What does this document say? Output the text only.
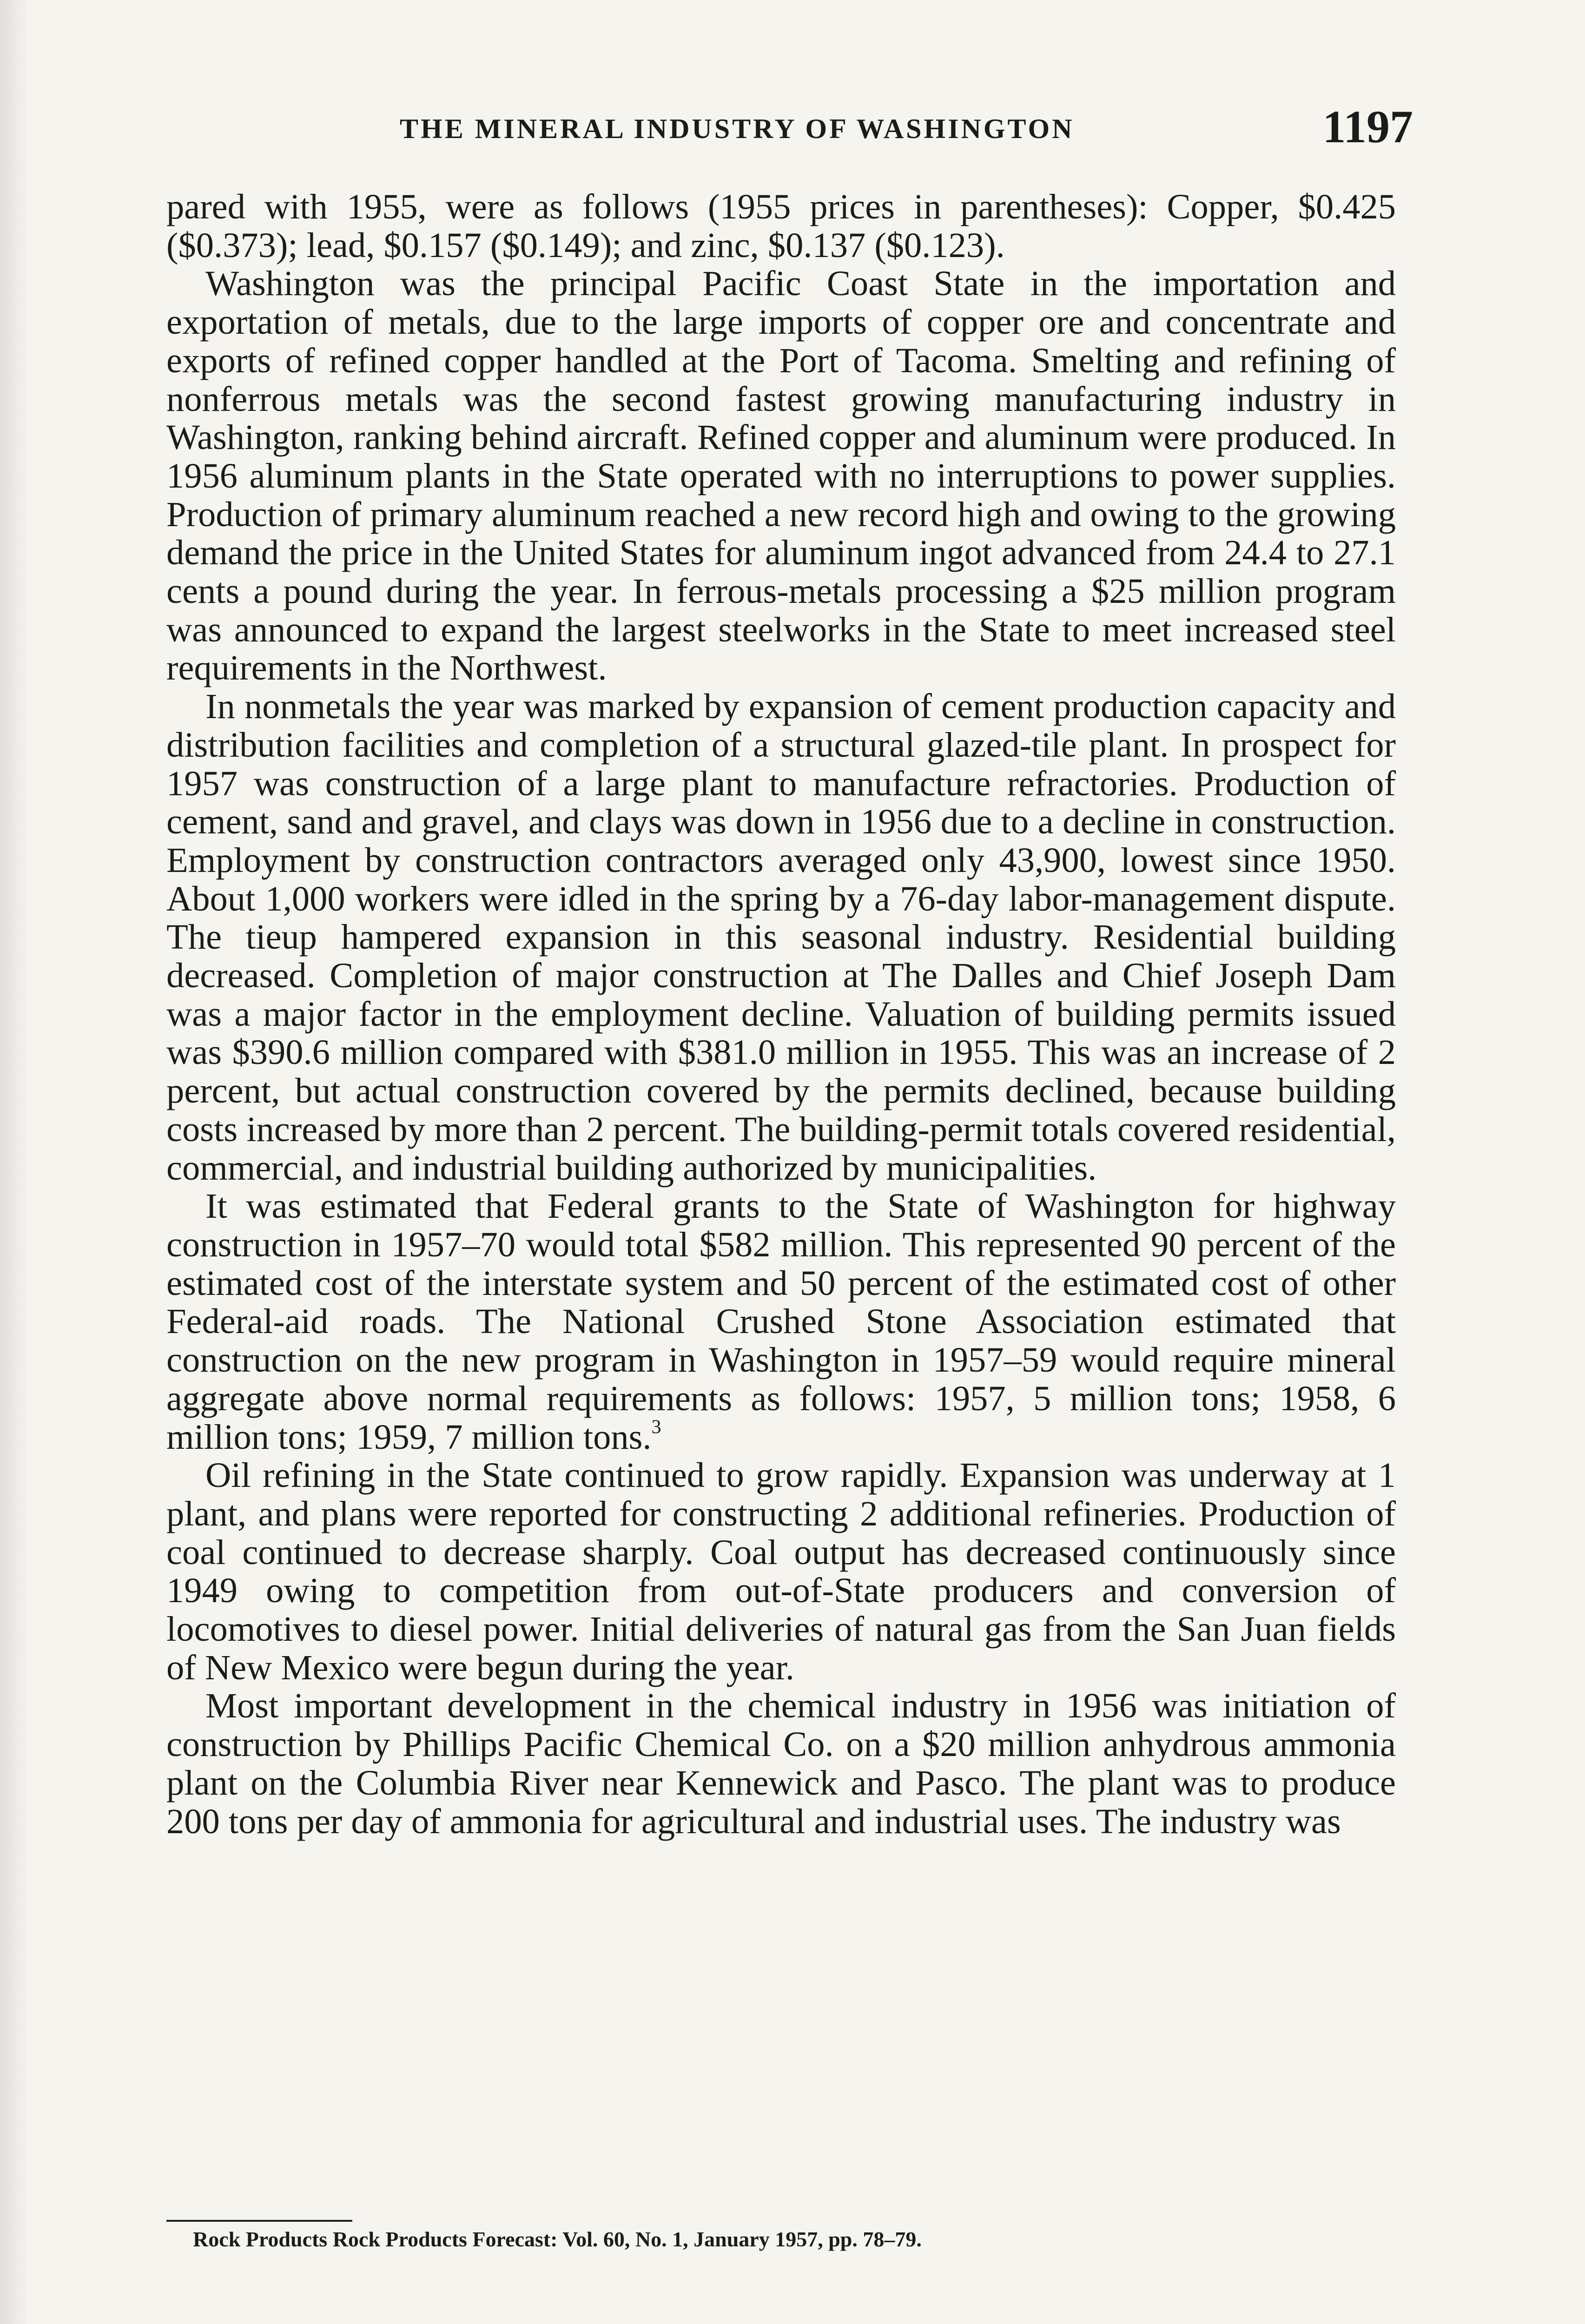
THE MINERAL INDUSTRY OF WASHINGTON	1197

pared with 1955, were as follows (1955 prices in parentheses): Copper, $0.425 ($0.373); lead, $0.157 ($0.149); and zinc, $0.137 ($0.123).

Washington was the principal Pacific Coast State in the importation and exportation of metals, due to the large imports of copper ore and concentrate and exports of refined copper handled at the Port of Tacoma. Smelting and refining of nonferrous metals was the second fastest growing manufacturing industry in Washington, ranking behind aircraft. Refined copper and aluminum were produced. In 1956 aluminum plants in the State operated with no interruptions to power supplies. Production of primary aluminum reached a new record high and owing to the growing demand the price in the United States for aluminum ingot advanced from 24.4 to 27.1 cents a pound during the year. In ferrous-metals processing a $25 million program was announced to expand the largest steelworks in the State to meet increased steel requirements in the Northwest.

In nonmetals the year was marked by expansion of cement production capacity and distribution facilities and completion of a structural glazed-tile plant. In prospect for 1957 was construction of a large plant to manufacture refractories. Production of cement, sand and gravel, and clays was down in 1956 due to a decline in construction. Employment by construction contractors averaged only 43,900, lowest since 1950. About 1,000 workers were idled in the spring by a 76-day labor-management dispute. The tieup hampered expansion in this seasonal industry. Residential building decreased. Completion of major construction at The Dalles and Chief Joseph Dam was a major factor in the employment decline. Valuation of building permits issued was $390.6 million compared with $381.0 million in 1955. This was an increase of 2 percent, but actual construction covered by the permits declined, because building costs increased by more than 2 percent. The building-permit totals covered residential, commercial, and industrial building authorized by municipalities.

It was estimated that Federal grants to the State of Washington for highway construction in 1957–70 would total $582 million. This represented 90 percent of the estimated cost of the interstate system and 50 percent of the estimated cost of other Federal-aid roads. The National Crushed Stone Association estimated that construction on the new program in Washington in 1957–59 would require mineral aggregate above normal requirements as follows: 1957, 5 million tons; 1958, 6 million tons; 1959, 7 million tons.$^3$

Oil refining in the State continued to grow rapidly. Expansion was underway at 1 plant, and plans were reported for constructing 2 additional refineries. Production of coal continued to decrease sharply. Coal output has decreased continuously since 1949 owing to competition from out-of-State producers and conversion of locomotives to diesel power. Initial deliveries of natural gas from the San Juan fields of New Mexico were begun during the year.

Most important development in the chemical industry in 1956 was initiation of construction by Phillips Pacific Chemical Co. on a $20 million anhydrous ammonia plant on the Columbia River near Kennewick and Pasco. The plant was to produce 200 tons per day of ammonia for agricultural and industrial uses. The industry was

Rock Products Rock Products Forecast: Vol. 60, No. 1, January 1957, pp. 78–79.
